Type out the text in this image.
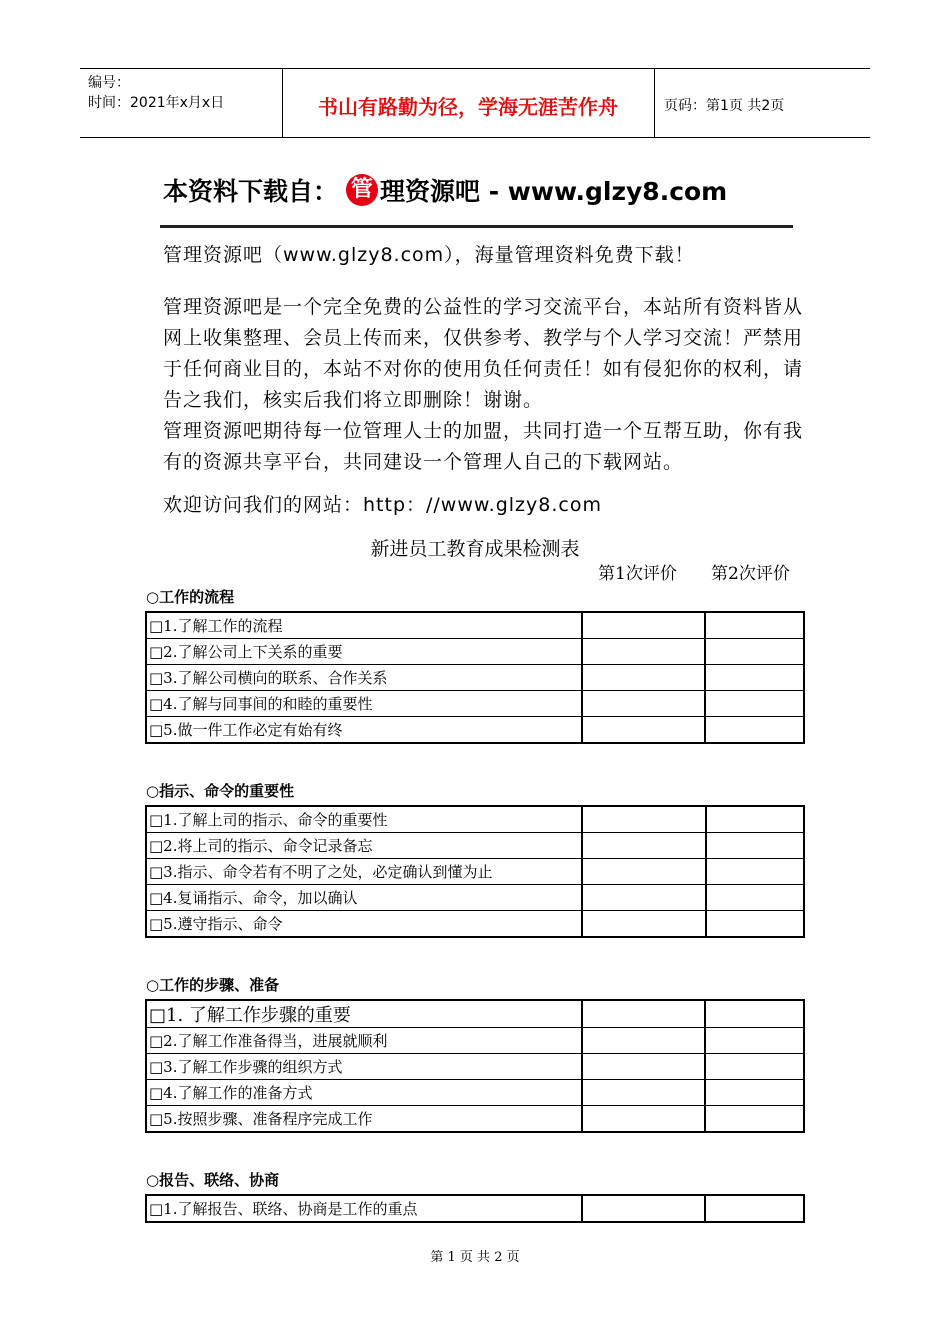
编号：
时间：2021年x月x日	书山有路勤为径，学海无涯苦作舟	页码：第1页 共2页
本资料下载自： 管 理资源吧 - www.glzy8.com
管理资源吧（www.glzy8.com），海量管理资料免费下载！
管理资源吧是一个完全免费的公益性的学习交流平台，本站所有资料皆从网上收集整理、会员上传而来，仅供参考、教学与个人学习交流！严禁用于任何商业目的，本站不对你的使用负任何责任！如有侵犯你的权利，请告之我们，核实后我们将立即删除！谢谢。
管理资源吧期待每一位管理人士的加盟，共同打造一个互帮互助，你有我有的资源共享平台，共同建设一个管理人自己的下载网站。
欢迎访问我们的网站：http：//www.glzy8.com
新进员工教育成果检测表
第1次评价 第2次评价
○工作的流程
□1.了解工作的流程		
□2.了解公司上下关系的重要		
□3.了解公司横向的联系、合作关系		
□4.了解与同事间的和睦的重要性		
□5.做一件工作必定有始有终		
○指示、命令的重要性
□1.了解上司的指示、命令的重要性		
□2.将上司的指示、命令记录备忘		
□3.指示、命令若有不明了之处，必定确认到懂为止		
□4.复诵指示、命令，加以确认		
□5.遵守指示、命令		
○工作的步骤、准备
□1. 了解工作步骤的重要		
□2.了解工作准备得当，进展就顺利		
□3.了解工作步骤的组织方式		
□4.了解工作的准备方式		
□5.按照步骤、准备程序完成工作		
○报告、联络、协商
□1.了解报告、联络、协商是工作的重点		
第 1 页 共 2 页
